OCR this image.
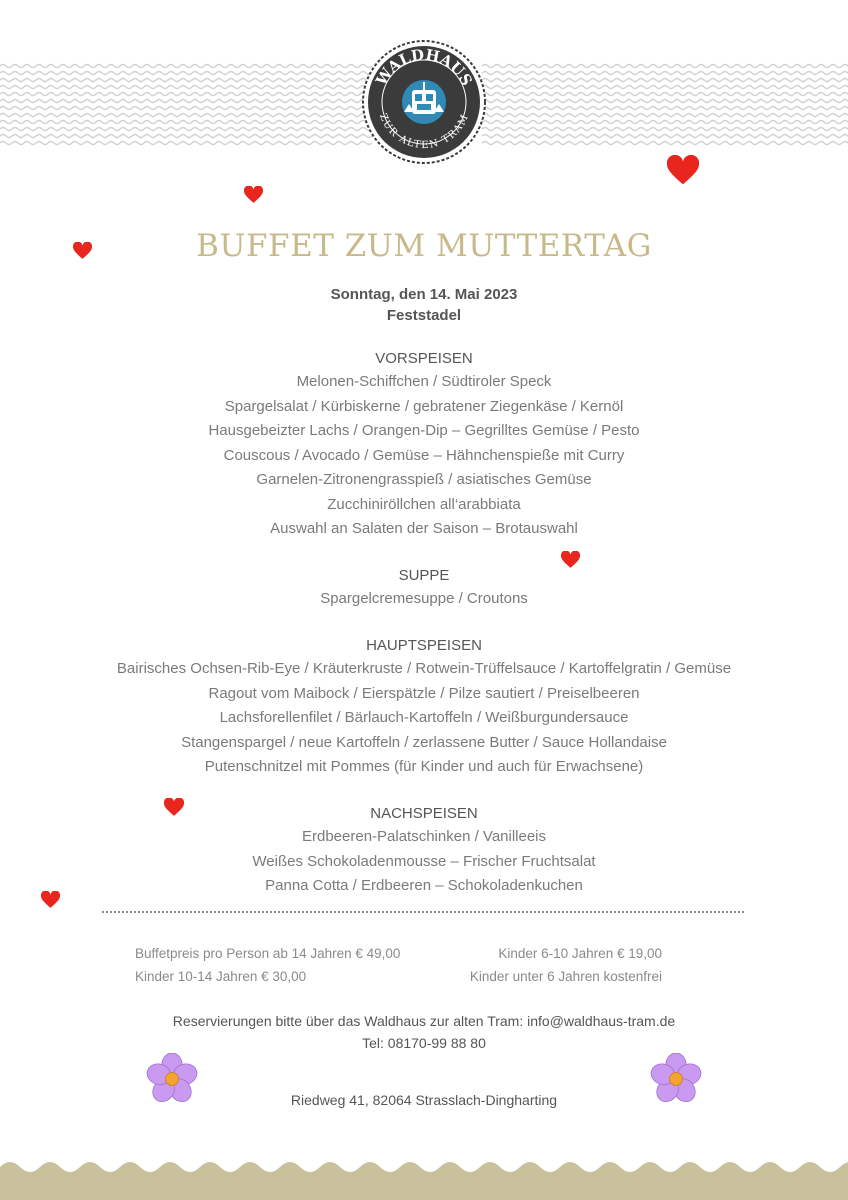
WALDHAUS
ZUR ALTEN TRAM
BUFFET ZUM MUTTERTAG
Sonntag, den 14. Mai 2023
Feststadel
VORSPEISEN
Melonen-Schiffchen / Südtiroler Speck
Spargelsalat / Kürbiskerne / gebratener Ziegenkäse / Kernöl
Hausgebeizter Lachs / Orangen-Dip – Gegrilltes Gemüse / Pesto
Couscous / Avocado / Gemüse – Hähnchenspieße mit Curry
Garnelen-Zitronengrasspieß / asiatisches Gemüse
Zucchiniröllchen all‘arabbiata
Auswahl an Salaten der Saison – Brotauswahl
SUPPE
Spargelcremesuppe / Croutons
HAUPTSPEISEN
Bairisches Ochsen-Rib-Eye / Kräuterkruste / Rotwein-Trüffelsauce / Kartoffelgratin / Gemüse
Ragout vom Maibock / Eierspätzle / Pilze sautiert / Preiselbeeren
Lachsforellenfilet / Bärlauch-Kartoffeln / Weißburgundersauce
Stangenspargel / neue Kartoffeln / zerlassene Butter / Sauce Hollandaise
Putenschnitzel mit Pommes (für Kinder und auch für Erwachsene)
NACHSPEISEN
Erdbeeren-Palatschinken / Vanilleeis
Weißes Schokoladenmousse – Frischer Fruchtsalat
Panna Cotta / Erdbeeren – Schokoladenkuchen
Buffetpreis pro Person ab 14 Jahren € 49,00
Kinder 10-14 Jahren € 30,00
Kinder 6-10 Jahren € 19,00
Kinder unter 6 Jahren kostenfrei
Reservierungen bitte über das Waldhaus zur alten Tram: info@waldhaus-tram.de
Tel: 08170-99 88 80
Riedweg 41, 82064 Strasslach-Dingharting
